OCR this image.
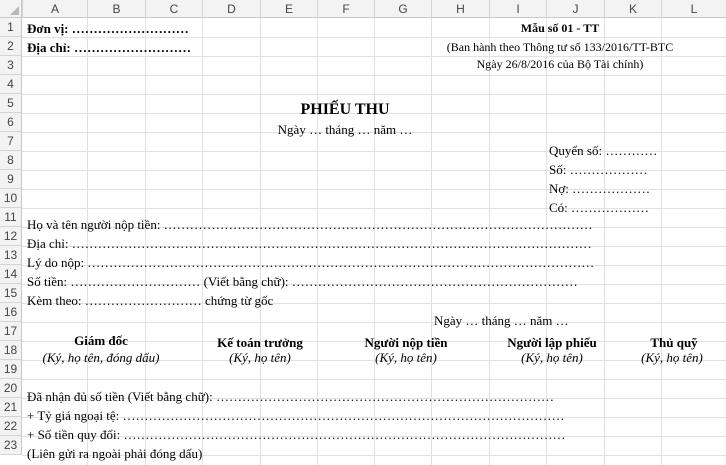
A	B	C	D	E	F	G	H	I	J	K	L
1
2
3
4
5
6
7
8
9
10
11
12
13
14
15
16
17
18
19
20
21
22
23
Đơn vị: ………………………
Địa chỉ: ………………………
Mẫu số 01 - TT
(Ban hành theo Thông tư số 133/2016/TT-BTC
Ngày 26/8/2016 của Bộ Tài chính)
PHIẾU THU
Ngày … tháng … năm …
Quyển số: …………
Số: ………………
Nợ: ………………
Có: ………………
Họ và tên người nộp tiền: ………………………………………………………………………………………
Địa chỉ: …………………………………………………………………………………………………………
Lý do nộp: ………………………………………………………………………………………………………
Số tiền: ………………………… (Viết bằng chữ): …………………………………………………………
Kèm theo: ……………………… chứng từ gốc
Ngày … tháng … năm …
Giám đốc
(Ký, họ tên, đóng dấu)
Kế toán trưởng
(Ký, họ tên)
Người nộp tiền
(Ký, họ tên)
Người lập phiếu
(Ký, họ tên)
Thủ quỹ
(Ký, họ tên)
Đã nhận đủ số tiền (Viết bằng chữ): ……………………………………………………………………
+ Tỷ giá ngoại tệ: …………………………………………………………………………………………
+ Số tiền quy đổi: …………………………………………………………………………………………
(Liên gửi ra ngoài phải đóng dấu)
